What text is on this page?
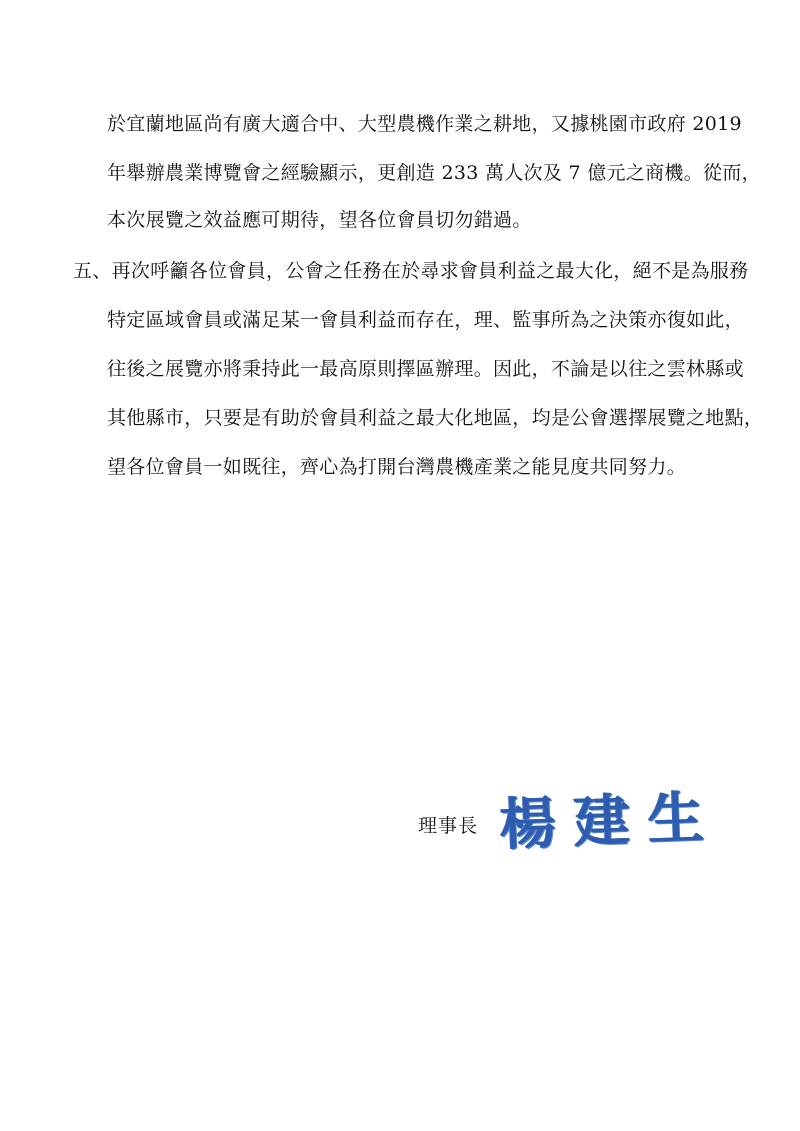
於宜蘭地區尚有廣大適合中、大型農機作業之耕地，又據桃園市政府 2019
年舉辦農業博覽會之經驗顯示，更創造 233 萬人次及 7 億元之商機。從而，
本次展覽之效益應可期待，望各位會員切勿錯過。
五、再次呼籲各位會員，公會之任務在於尋求會員利益之最大化，絕不是為服務
特定區域會員或滿足某一會員利益而存在，理、監事所為之決策亦復如此，
往後之展覽亦將秉持此一最高原則擇區辦理。因此，不論是以往之雲林縣或
其他縣市，只要是有助於會員利益之最大化地區，均是公會選擇展覽之地點，
望各位會員一如既往，齊心為打開台灣農機產業之能見度共同努力。
理事長 楊建生
